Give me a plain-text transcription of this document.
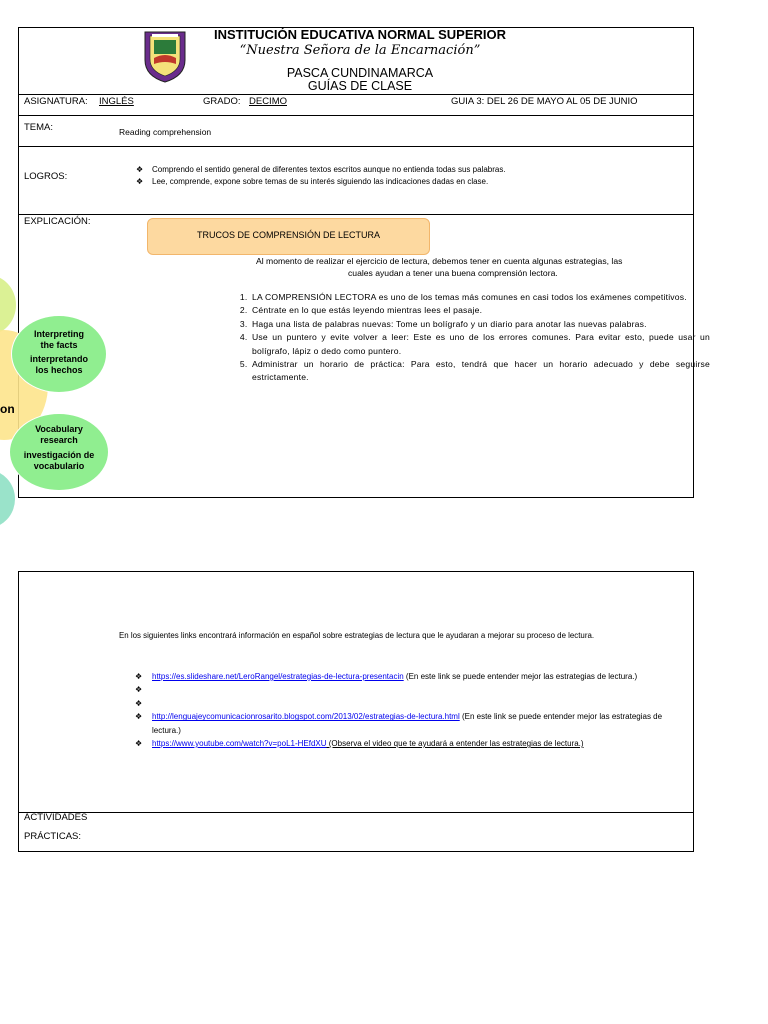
INSTITUCIÓN EDUCATIVA NORMAL SUPERIOR
“Nuestra Señora de la Encarnación”
PASCA CUNDINAMARCA
GUÍAS DE CLASE
ASIGNATURA: INGLÉS	GRADO: DECIMO	GUIA 3: DEL 26 DE MAYO AL 05 DE JUNIO
TEMA:	Reading comprehension
LOGROS:
❖ Comprendo el sentido general de diferentes textos escritos aunque no entienda todas sus palabras.
❖ Lee, comprende, expone sobre temas de su interés siguiendo las indicaciones dadas en clase.
EXPLICACIÓN:
TRUCOS DE COMPRENSIÓN DE LECTURA
Al momento de realizar el ejercicio de lectura, debemos tener en cuenta algunas estrategias, las
cuales ayudan a tener una buena comprensión lectora.
1. LA COMPRENSIÓN LECTORA es uno de los temas más comunes en casi todos los exámenes competitivos.
2. Céntrate en lo que estás leyendo mientras lees el pasaje.
3. Haga una lista de palabras nuevas: Tome un bolígrafo y un diario para anotar las nuevas palabras.
4. Use un puntero y evite volver a leer: Este es uno de los errores comunes. Para evitar esto, puede usar un bolígrafo, lápiz o dedo como puntero.
5. Administrar un horario de práctica: Para esto, tendrá que hacer un horario adecuado y debe seguirse estrictamente.
on
Interpreting the facts
interpretando los hechos
Vocabulary research
investigación de vocabulario
En los siguientes links encontrará información en español sobre estrategias de lectura que le ayudaran a mejorar su proceso de lectura.
❖ https://es.slideshare.net/LeroRangel/estrategias-de-lectura-presentacin (En este link se puede entender mejor las estrategias de lectura.)
❖

❖

❖ http://lenguajeycomunicacionrosarito.blogspot.com/2013/02/estrategias-de-lectura.html (En este link se puede entender mejor las estrategias de lectura.)
❖ https://www.youtube.com/watch?v=poL1-HEfdXU (Observa el video que te ayudará a entender las estrategias de lectura.)
ACTIVIDADES
PRÁCTICAS:
